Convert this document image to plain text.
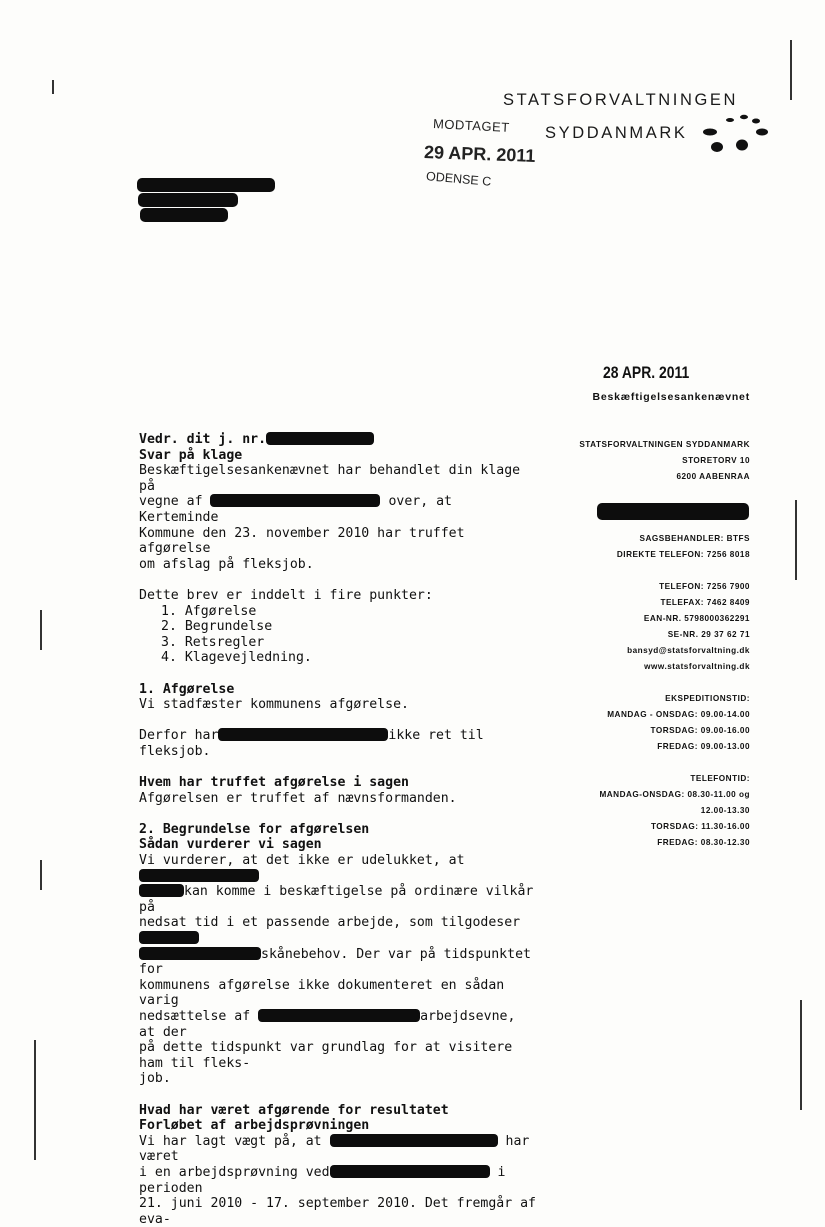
STATSFORVALTNINGEN
SYDDANMARK
MODTAGET
29 APR. 2011
ODENSE C
28 APR. 2011
Beskæftigelsesankenævnet
STATSFORVALTNINGEN SYDDANMARK
STORETORV 10
6200 AABENRAA
SAGSBEHANDLER: BTFS
DIREKTE TELEFON: 7256 8018
TELEFON: 7256 7900
TELEFAX: 7462 8409
EAN-NR. 5798000362291
SE-NR. 29 37 62 71
bansyd@statsforvaltning.dk
www.statsforvaltning.dk
EKSPEDITIONSTID:
MANDAG - ONSDAG: 09.00-14.00
TORSDAG: 09.00-16.00
FREDAG: 09.00-13.00
TELEFONTID:
MANDAG-ONSDAG: 08.30-11.00 og
12.00-13.30
TORSDAG: 11.30-16.00
FREDAG: 08.30-12.30

Vedr. dit j. nr.

Svar på klage

Beskæftigelsesankenævnet har behandlet din klage på

vegne af	over, at Kerteminde

Kommune den 23. november 2010 har truffet afgørelse

om afslag på fleksjob.

Dette brev er inddelt i fire punkter:

1. Afgørelse
2. Begrundelse
3. Retsregler
4. Klagevejledning.

1. Afgørelse

Vi stadfæster kommunens afgørelse.

Derfor har	ikke ret til fleksjob.

Hvem har truffet afgørelse i sagen

Afgørelsen er truffet af nævnsformanden.

2. Begrundelse for afgørelsen

Sådan vurderer vi sagen

Vi vurderer, at det ikke er udelukket, at

kan komme i beskæftigelse på ordinære vilkår på

nedsat tid i et passende arbejde, som tilgodeser

skånebehov. Der var på tidspunktet for

kommunens afgørelse ikke dokumenteret en sådan varig

nedsættelse af	arbejdsevne, at der

på dette tidspunkt var grundlag for at visitere ham til fleks-

job.

Hvad har været afgørende for resultatet

Forløbet af arbejdsprøvningen

Vi har lagt vægt på, at	har været

i en arbejdsprøvning ved	i perioden

21. juni 2010 - 17. september 2010. Det fremgår af eva-
